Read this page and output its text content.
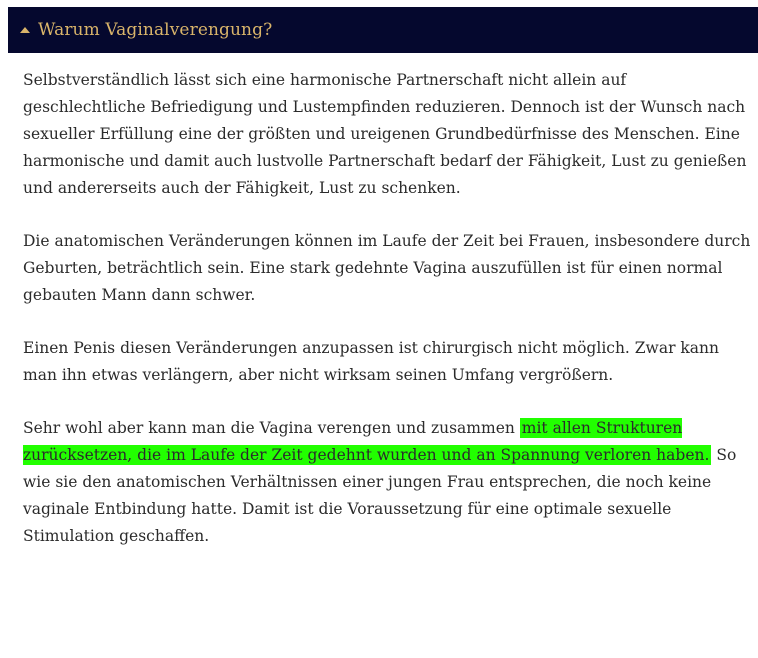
Warum Vaginalverengung?

Selbstverständlich lässt sich eine harmonische Partnerschaft nicht allein auf geschlechtliche Befriedigung und Lustempfinden reduzieren. Dennoch ist der Wunsch nach sexueller Erfüllung eine der größten und ureigenen Grundbedürfnisse des Menschen. Eine harmonische und damit auch lustvolle Partnerschaft bedarf der Fähigkeit, Lust zu genießen und andererseits auch der Fähigkeit, Lust zu schenken.

Die anatomischen Veränderungen können im Laufe der Zeit bei Frauen, insbesondere durch Geburten, beträchtlich sein. Eine stark gedehnte Vagina auszufüllen ist für einen normal gebauten Mann dann schwer.

Einen Penis diesen Veränderungen anzupassen ist chirurgisch nicht möglich. Zwar kann man ihn etwas verlängern, aber nicht wirksam seinen Umfang vergrößern.

Sehr wohl aber kann man die Vagina verengen und zusammen mit allen Strukturen zurücksetzen, die im Laufe der Zeit gedehnt wurden und an Spannung verloren haben. So wie sie den anatomischen Verhältnissen einer jungen Frau entsprechen, die noch keine vaginale Entbindung hatte. Damit ist die Voraussetzung für eine optimale sexuelle Stimulation geschaffen.
